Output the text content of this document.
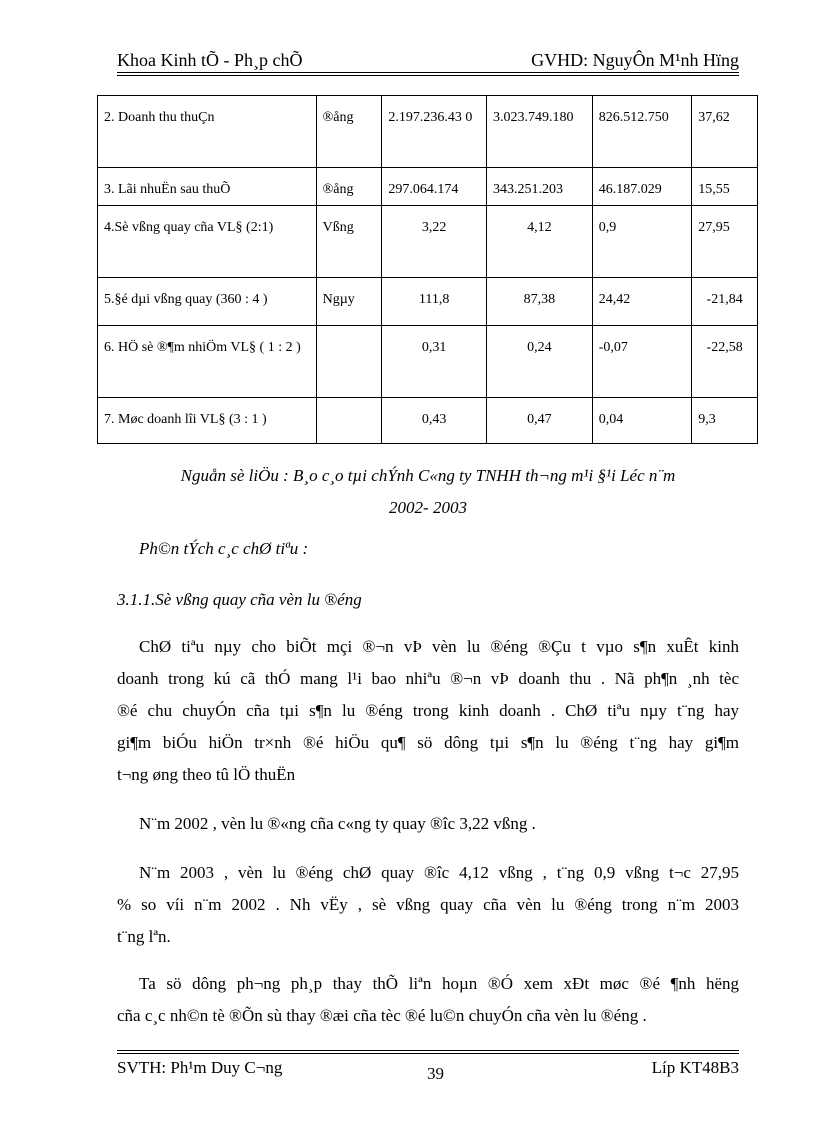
Khoa Kinh tÕ - Ph¸p chÕ	GVHD: NguyÔn M¹nh Hïng
2. Doanh thu thuÇn	®ång	2.197.236.43 0	3.023.749.180	826.512.750	37,62
3. Lãi nhuËn sau thuÕ	®ång	297.064.174	343.251.203	46.187.029	15,55
4.Sè vßng quay cña VL§ (2:1)	Vßng	3,22	4,12	0,9	27,95
5.§é dµi vßng quay (360 : 4 )	Ngµy	111,8	87,38	24,42	-21,84
6. HÖ sè ®¶m nhiÖm VL§ ( 1 : 2 )		0,31	0,24	-0,07	-22,58
7. Møc doanh lîi VL§ (3 : 1 )		0,43	0,47	0,04	9,3
Nguån sè liÖu : B¸o c¸o tµi chÝnh C«ng ty TNHH th¬ng m¹i §¹i Léc n¨m
2002- 2003
Ph©n tÝch c¸c chØ tiªu :
3.1.1.Sè vßng quay cña vèn lu ®éng
ChØ tiªu nµy cho biÕt mçi ®¬n vÞ vèn lu ®éng ®Çu t vµo s¶n xuÊt kinh
doanh trong kú cã thÓ mang l¹i bao nhiªu ®¬n vÞ doanh thu . Nã ph¶n ¸nh tèc
®é chu chuyÓn cña tµi s¶n lu ®éng trong kinh doanh . ChØ tiªu nµy t¨ng hay
gi¶m biÓu hiÖn tr×nh ®é hiÖu qu¶ sö dông tµi s¶n lu ®éng t¨ng hay gi¶m
t¬ng øng theo tû lÖ thuËn
N¨m 2002 , vèn lu ®«ng cña c«ng ty quay ®îc 3,22 vßng .
N¨m 2003 , vèn lu ®éng chØ quay ®îc 4,12 vßng , t¨ng 0,9 vßng t¬c 27,95
% so víi n¨m 2002 . Nh vËy , sè vßng quay cña vèn lu ®éng trong n¨m 2003
t¨ng lªn.
Ta sö dông ph¬ng ph¸p thay thÕ liªn hoµn ®Ó xem xÐt møc ®é ¶nh hëng
cña c¸c nh©n tè ®Õn sù thay ®æi cña tèc ®é lu©n chuyÓn cña vèn lu ®éng .
SVTH: Ph¹m Duy C¬ng	39	Líp KT48B3
